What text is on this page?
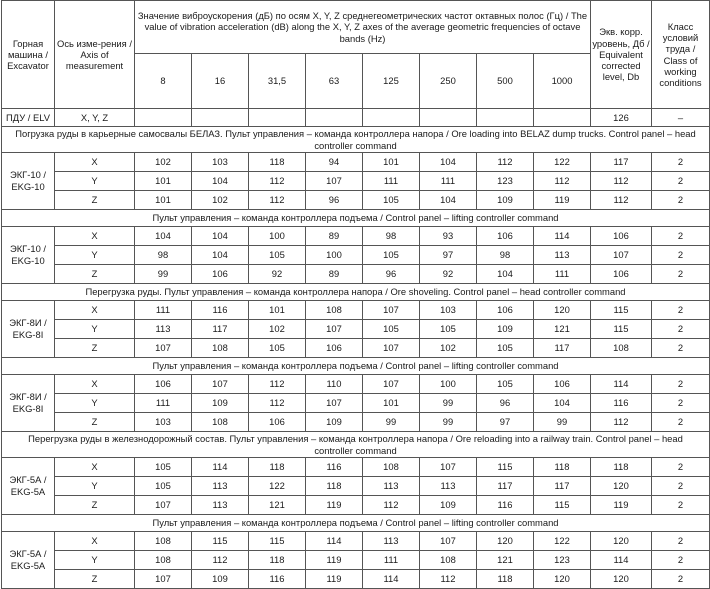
Горная машина / Excavator	Ось изме-рения / Axis of measurement	Значение виброускорения (дБ) по осям X, Y, Z среднегеометрических частот октавных полос (Гц) / The value of vibration acceleration (dB) along the X, Y, Z axes of the average geometric frequencies of octave bands (Hz)								Экв. корр. уровень, Дб / Equivalent corrected level, Db	Класс условий труда / Class of working conditions
		8	16	31,5	63	125	250	500	1000		
ПДУ / ELV	X, Y, Z									126	–
Погрузка руды в карьерные самосвалы БЕЛАЗ. Пульт управления – команда контроллера напора / Ore loading into BELAZ dump trucks. Control panel – head controller command											
ЭКГ-10 / EKG-10	X	102	103	118	94	101	104	112	122	117	2
	Y	101	104	112	107	111	111	123	112	112	2
	Z	101	102	112	96	105	104	109	119	112	2
Пульт управления – команда контроллера подъема / Control panel – lifting controller command											
ЭКГ-10 / EKG-10	X	104	104	100	89	98	93	106	114	106	2
	Y	98	104	105	100	105	97	98	113	107	2
	Z	99	106	92	89	96	92	104	111	106	2
Перегрузка руды. Пульт управления – команда контроллера напора / Ore shoveling. Control panel – head controller command											
ЭКГ-8И / EKG-8I	X	111	116	101	108	107	103	106	120	115	2
	Y	113	117	102	107	105	105	109	121	115	2
	Z	107	108	105	106	107	102	105	117	108	2
Пульт управления – команда контроллера подъема / Control panel – lifting controller command											
ЭКГ-8И / EKG-8I	X	106	107	112	110	107	100	105	106	114	2
	Y	111	109	112	107	101	99	96	104	116	2
	Z	103	108	106	109	99	99	97	99	112	2
Перегрузка руды в железнодорожный состав. Пульт управления – команда контроллера напора / Ore reloading into a railway train. Control panel – head controller command											
ЭКГ-5А / EKG-5A	X	105	114	118	116	108	107	115	118	118	2
	Y	105	113	122	118	113	113	117	117	120	2
	Z	107	113	121	119	112	109	116	115	119	2
Пульт управления – команда контроллера подъема / Control panel – lifting controller command											
ЭКГ-5А / EKG-5A	X	108	115	115	114	113	107	120	122	120	2
	Y	108	112	118	119	111	108	121	123	114	2
	Z	107	109	116	119	114	112	118	120	120	2
